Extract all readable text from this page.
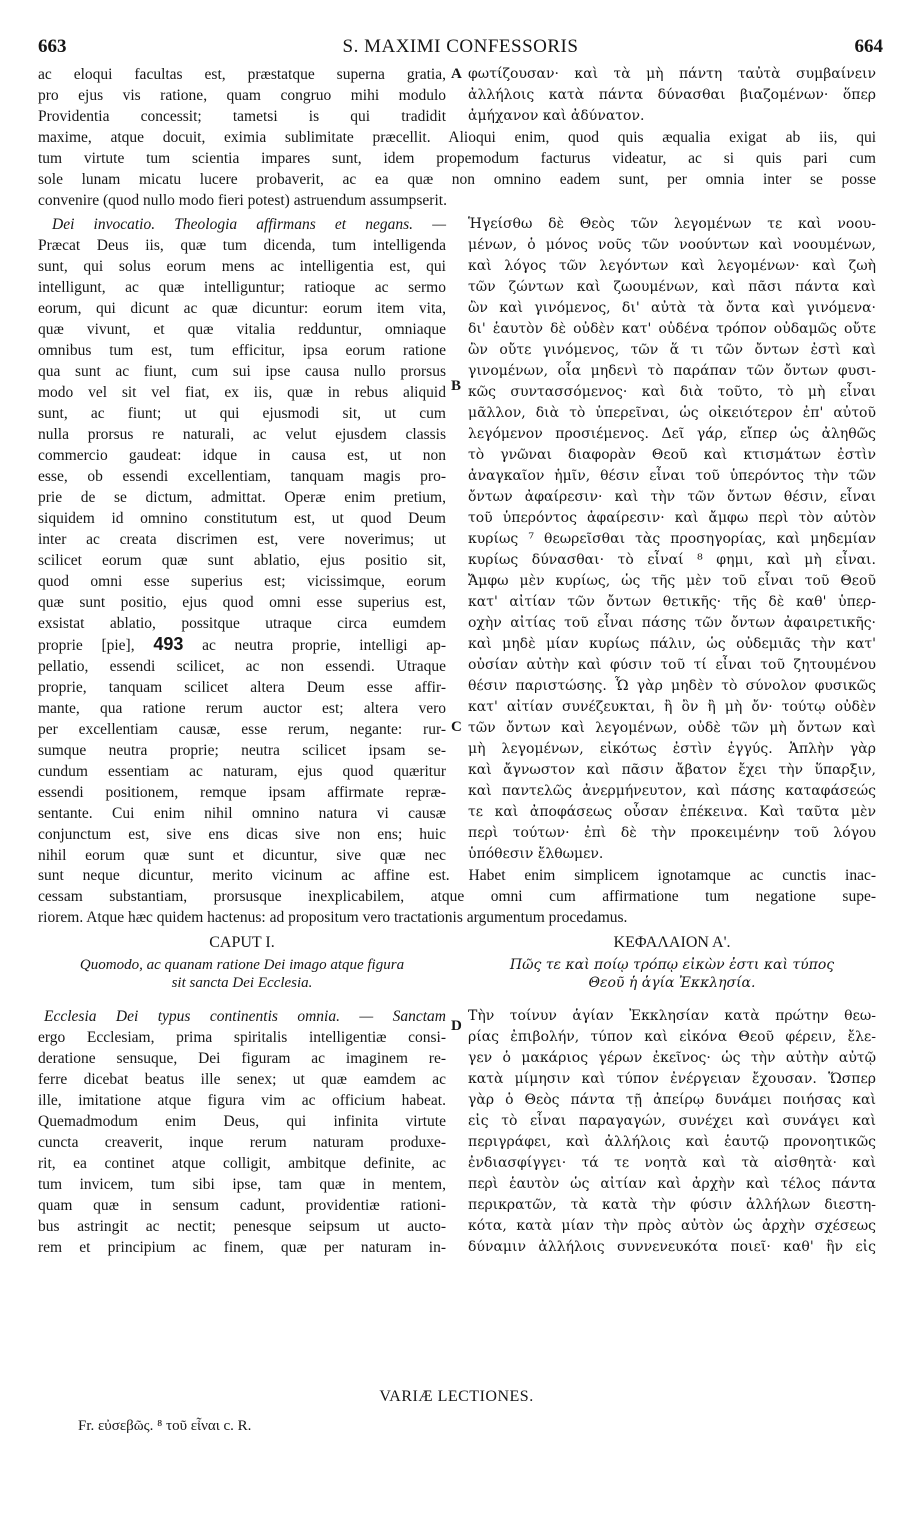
663	S. MAXIMI CONFESSORIS	664
ac eloqui facultas est, præstatque superna gratia,
pro ejus vis ratione, quam congruo mihi modulo
Providentia concessit; tametsi is qui tradidit
A φωτίζουσαν· καὶ τὰ μὴ πάντη ταὐτὰ συμβαίνειν
ἀλλήλοις κατὰ πάντα δύνασθαι βιαζομένων· ὅπερ
ἀμήχανον καὶ ἀδύνατον.
maxime, atque docuit, eximia sublimitate præcellit. Alioqui enim, quod quis æqualia exigat ab iis, qui
tum virtute tum scientia impares sunt, idem propemodum facturus videatur, ac si quis pari cum
sole lunam micatu lucere probaverit, ac ea quæ non omnino eadem sunt, per omnia inter se posse
convenire (quod nullo modo fieri potest) astruendum assumpserit.
Dei invocatio. Theologia affirmans et negans. —
Præcat Deus iis, quæ tum dicenda, tum intelligenda
sunt, qui solus eorum mens ac intelligentia est, qui
intelligunt, ac quæ intelliguntur; ratioque ac sermo
eorum, qui dicunt ac quæ dicuntur: eorum item vita,
quæ vivunt, et quæ vitalia redduntur, omniaque
omnibus tum est, tum efficitur, ipsa eorum ratione
qua sunt ac fiunt, cum sui ipse causa nullo prorsus
modo vel sit vel fiat, ex iis, quæ in rebus aliquid
sunt, ac fiunt; ut qui ejusmodi sit, ut cum
nulla prorsus re naturali, ac velut ejusdem classis
commercio gaudeat: idque in causa est, ut non
esse, ob essendi excellentiam, tanquam magis pro-
prie de se dictum, admittat. Operæ enim pretium,
siquidem id omnino constitutum est, ut quod Deum
inter ac creata discrimen est, vere noverimus; ut
scilicet eorum quæ sunt ablatio, ejus positio sit,
quod omni esse superius est; vicissimque, eorum
quæ sunt positio, ejus quod omni esse superius est,
exsistat ablatio, possitque utraque circa eumdem
proprie [pie], 493 ac neutra proprie, intelligi ap-
pellatio, essendi scilicet, ac non essendi. Utraque
proprie, tanquam scilicet altera Deum esse affir-
mante, qua ratione rerum auctor est; altera vero
per excellentiam causæ, esse rerum, negante: rur-
sumque neutra proprie; neutra scilicet ipsam se-
cundum essentiam ac naturam, ejus quod quæritur
essendi positionem, remque ipsam affirmate repræ-
sentante. Cui enim nihil omnino natura vi causæ
conjunctum est, sive ens dicas sive non ens; huic
nihil eorum quæ sunt et dicuntur, sive quæ nec
B
C
Ἡγείσθω δὲ Θεὸς τῶν λεγομένων τε καὶ νοου-
μένων, ὁ μόνος νοῦς τῶν νοούντων καὶ νοουμένων,
καὶ λόγος τῶν λεγόντων καὶ λεγομένων· καὶ ζωὴ
τῶν ζώντων καὶ ζωουμένων, καὶ πᾶσι πάντα καὶ
ὢν καὶ γινόμενος, δι' αὐτὰ τὰ ὄντα καὶ γινόμενα·
δι' ἑαυτὸν δὲ οὐδὲν κατ' οὐδένα τρόπον οὐδαμῶς οὔτε
ὢν οὔτε γινόμενος, τῶν ἅ τι τῶν ὄντων ἐστὶ καὶ
γινομένων, οἷα μηδενὶ τὸ παράπαν τῶν ὄντων φυσι-
κῶς συντασσόμενος· καὶ διὰ τοῦτο, τὸ μὴ εἶναι
μᾶλλον, διὰ τὸ ὑπερεῖναι, ὡς οἰκειότερον ἐπ' αὐτοῦ
λεγόμενον προσιέμενος. Δεῖ γάρ, εἴπερ ὡς ἀληθῶς
τὸ γνῶναι διαφορὰν Θεοῦ καὶ κτισμάτων ἐστὶν
ἀναγκαῖον ἡμῖν, θέσιν εἶναι τοῦ ὑπερόντος τὴν τῶν
ὄντων ἀφαίρεσιν· καὶ τὴν τῶν ὄντων θέσιν, εἶναι
τοῦ ὑπερόντος ἀφαίρεσιν· καὶ ἄμφω περὶ τὸν αὐτὸν
κυρίως ⁷ θεωρεῖσθαι τὰς προσηγορίας, καὶ μηδεμίαν
κυρίως δύνασθαι· τὸ εἶναί ⁸ φημι, καὶ μὴ εἶναι.
Ἄμφω μὲν κυρίως, ὡς τῆς μὲν τοῦ εἶναι τοῦ Θεοῦ
κατ' αἰτίαν τῶν ὄντων θετικῆς· τῆς δὲ καθ' ὑπερ-
οχὴν αἰτίας τοῦ εἶναι πάσης τῶν ὄντων ἀφαιρετικῆς·
καὶ μηδὲ μίαν κυρίως πάλιν, ὡς οὐδεμιᾶς τὴν κατ'
οὐσίαν αὐτὴν καὶ φύσιν τοῦ τί εἶναι τοῦ ζητουμένου
θέσιν παριστώσης. Ὧ γὰρ μηδὲν τὸ σύνολον φυσικῶς
κατ' αἰτίαν συνέζευκται, ἢ ὂν ἢ μὴ ὄν· τούτῳ οὐδὲν
τῶν ὄντων καὶ λεγομένων, οὐδὲ τῶν μὴ ὄντων καὶ
μὴ λεγομένων, εἰκότως ἐστὶν ἐγγύς. Ἁπλὴν γὰρ
καὶ ἄγνωστον καὶ πᾶσιν ἄβατον ἔχει τὴν ὕπαρξιν,
καὶ παντελῶς ἀνερμήνευτον, καὶ πάσης καταφάσεώς
τε καὶ ἀποφάσεως οὖσαν ἐπέκεινα. Καὶ ταῦτα μὲν
περὶ τούτων· ἐπὶ δὲ τὴν προκειμένην τοῦ λόγου
ὑπόθεσιν ἔλθωμεν.
sunt neque dicuntur, merito vicinum ac affine est. Habet enim simplicem ignotamque ac cunctis inac-
cessam substantiam, prorsusque inexplicabilem, atque omni cum affirmatione tum negatione supe-
riorem. Atque hæc quidem hactenus: ad propositum vero tractationis argumentum procedamus.
CAPUT I.
Quomodo, ac quanam ratione Dei imago atque figura
sit sancta Dei Ecclesia.
ΚΕΦΑΛΑΙΟΝ Α'.
Πῶς τε καὶ ποίῳ τρόπῳ εἰκὼν ἐστι καὶ τύπος
Θεοῦ ἡ ἁγία Ἐκκλησία.
Ecclesia Dei typus continentis omnia. — Sanctam
ergo Ecclesiam, prima spiritalis intelligentiæ consi-
deratione sensuque, Dei figuram ac imaginem re-
ferre dicebat beatus ille senex; ut quæ eamdem ac
ille, imitatione atque figura vim ac officium habeat.
Quemadmodum enim Deus, qui infinita virtute
cuncta creaverit, inque rerum naturam produxe-
rit, ea continet atque colligit, ambitque definite, ac
tum invicem, tum sibi ipse, tam quæ in mentem,
quam quæ in sensum cadunt, providentiæ rationi-
bus astringit ac nectit; penesque seipsum ut aucto-
rem et principium ac finem, quæ per naturam in-
D
Τὴν τοίνυν ἁγίαν Ἐκκλησίαν κατὰ πρώτην θεω-
ρίας ἐπιβολήν, τύπον καὶ εἰκόνα Θεοῦ φέρειν, ἔλε-
γεν ὁ μακάριος γέρων ἐκεῖνος· ὡς τὴν αὐτὴν αὐτῷ
κατὰ μίμησιν καὶ τύπον ἐνέργειαν ἔχουσαν. Ὥσπερ
γὰρ ὁ Θεὸς πάντα τῇ ἀπείρῳ δυνάμει ποιήσας καὶ
εἰς τὸ εἶναι παραγαγών, συνέχει καὶ συνάγει καὶ
περιγράφει, καὶ ἀλλήλοις καὶ ἑαυτῷ προνοητικῶς
ἐνδιασφίγγει· τά τε νοητὰ καὶ τὰ αἰσθητὰ· καὶ
περὶ ἑαυτὸν ὡς αἰτίαν καὶ ἀρχὴν καὶ τέλος πάντα
περικρατῶν, τὰ κατὰ τὴν φύσιν ἀλλήλων διεστη-
κότα, κατὰ μίαν τὴν πρὸς αὐτὸν ὡς ἀρχὴν σχέσεως
δύναμιν ἀλλήλοις συννενευκότα ποιεῖ· καθ' ἣν εἰς
VARIÆ LECTIONES.
Fr. εὐσεβῶς. ⁸ τοῦ εἶναι c. R.
